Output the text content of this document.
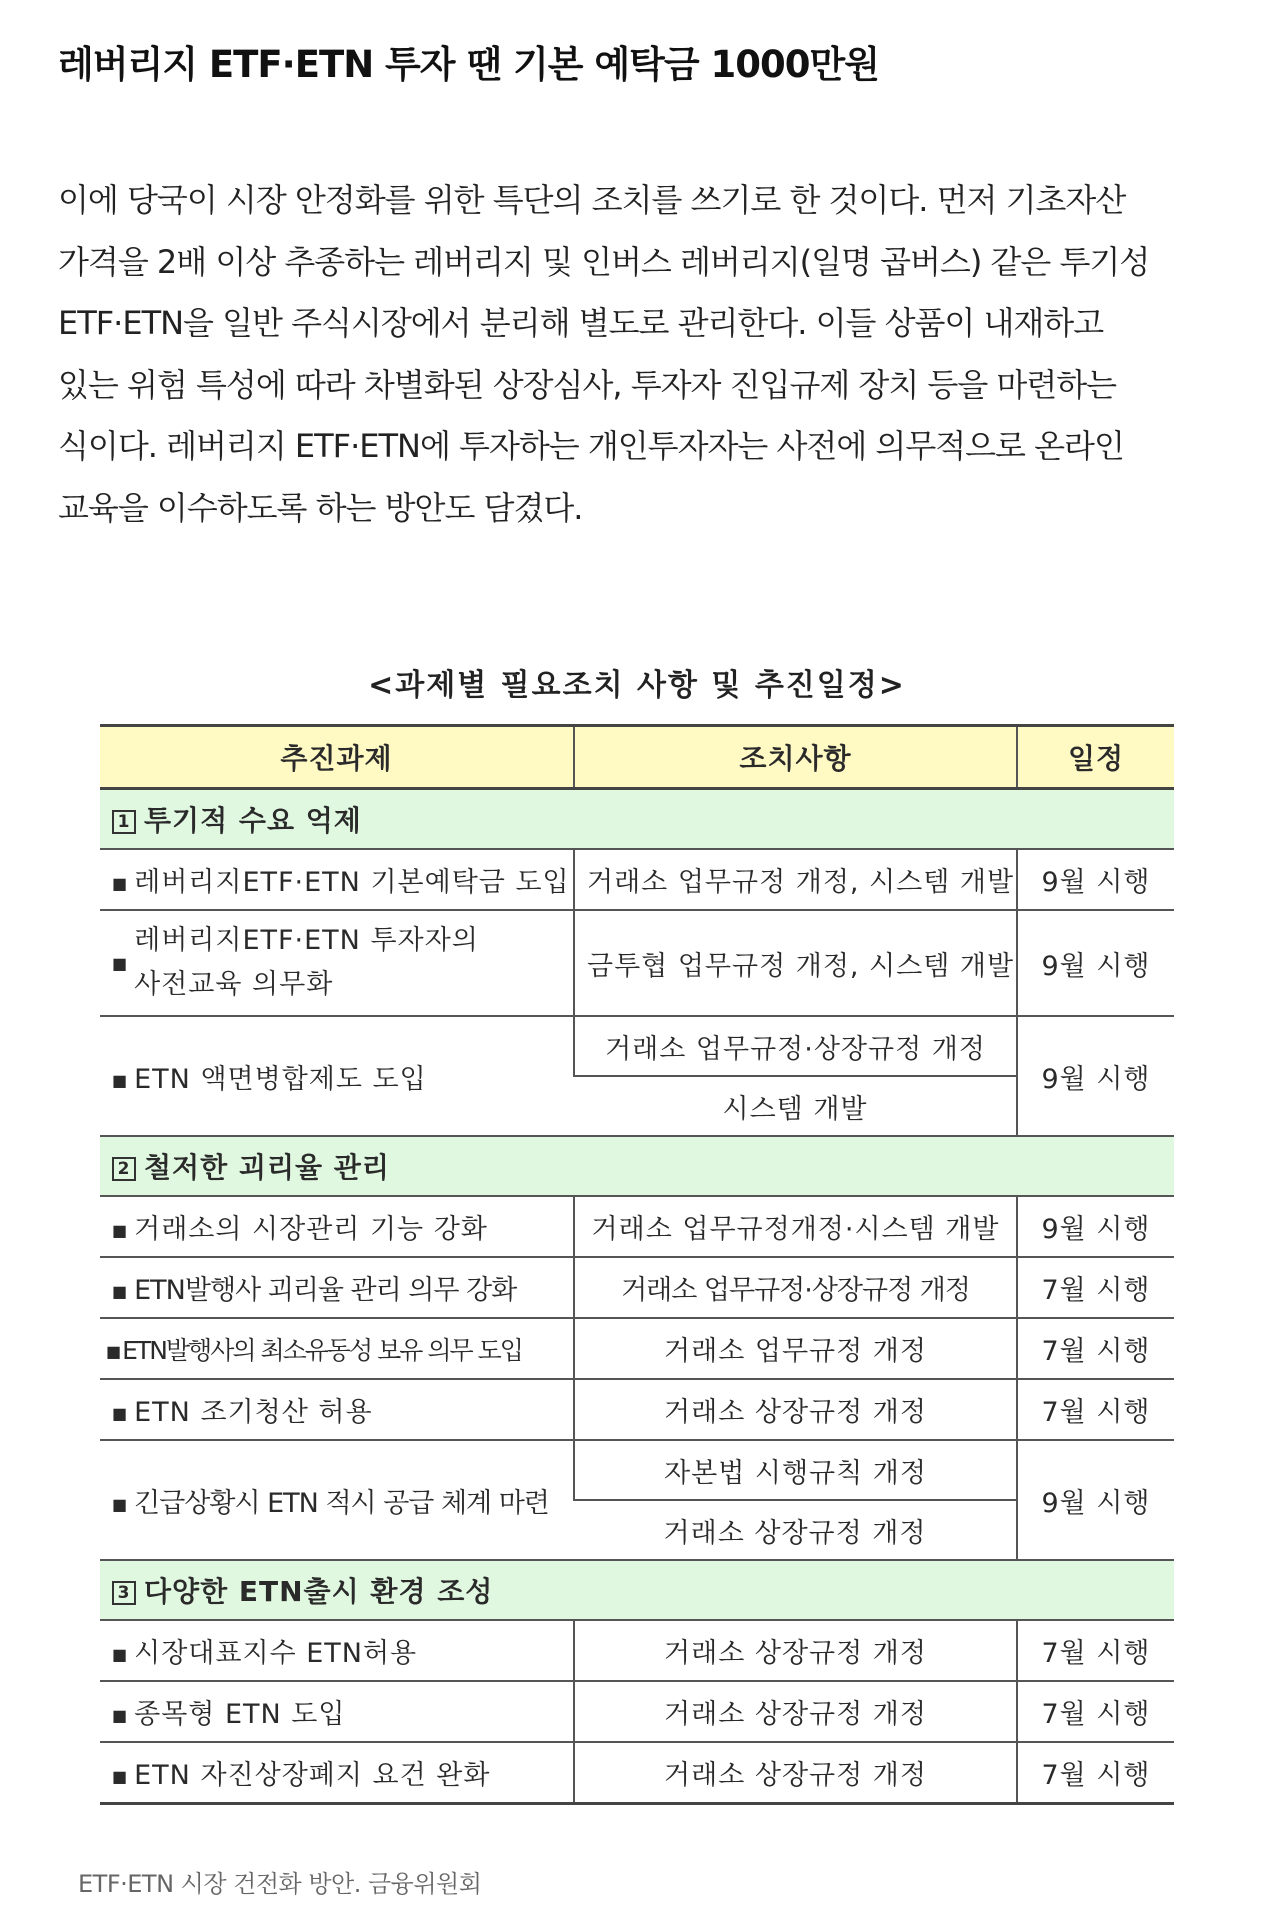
레버리지 ETF·ETN 투자 땐 기본 예탁금 1000만원

이에 당국이 시장 안정화를 위한 특단의 조치를 쓰기로 한 것이다. 먼저 기초자산
가격을 2배 이상 추종하는 레버리지 및 인버스 레버리지(일명 곱버스) 같은 투기성
ETF·ETN을 일반 주식시장에서 분리해 별도로 관리한다. 이들 상품이 내재하고
있는 위험 특성에 따라 차별화된 상장심사, 투자자 진입규제 장치 등을 마련하는
식이다. 레버리지 ETF·ETN에 투자하는 개인투자자는 사전에 의무적으로 온라인
교육을 이수하도록 하는 방안도 담겼다.

<과제별 필요조치 사항 및 추진일정>
추진과제	조치사항	일정
1 투기적 수요 억제		
■ 레버리지ETF·ETN 기본예탁금 도입	거래소 업무규정 개정, 시스템 개발	9월 시행
■레버리지ETF·ETN 투자자의
사전교육 의무화	금투협 업무규정 개정, 시스템 개발	9월 시행
■ ETN 액면병합제도 도입	거래소 업무규정·상장규정 개정	9월 시행
	시스템 개발	
2 철저한 괴리율 관리		
■ 거래소의 시장관리 기능 강화	거래소 업무규정개정·시스템 개발	9월 시행
■ ETN발행사 괴리율 관리 의무 강화	거래소 업무규정·상장규정 개정	7월 시행
■ETN발행사의 최소유동성 보유 의무 도입	거래소 업무규정 개정	7월 시행
■ ETN 조기청산 허용	거래소 상장규정 개정	7월 시행
■ 긴급상황시 ETN 적시 공급 체계 마련	자본법 시행규칙 개정	9월 시행
	거래소 상장규정 개정	
3 다양한 ETN출시 환경 조성		
■ 시장대표지수 ETN허용	거래소 상장규정 개정	7월 시행
■ 종목형 ETN 도입	거래소 상장규정 개정	7월 시행
■ ETN 자진상장폐지 요건 완화	거래소 상장규정 개정	7월 시행
ETF·ETN 시장 건전화 방안. 금융위원회
